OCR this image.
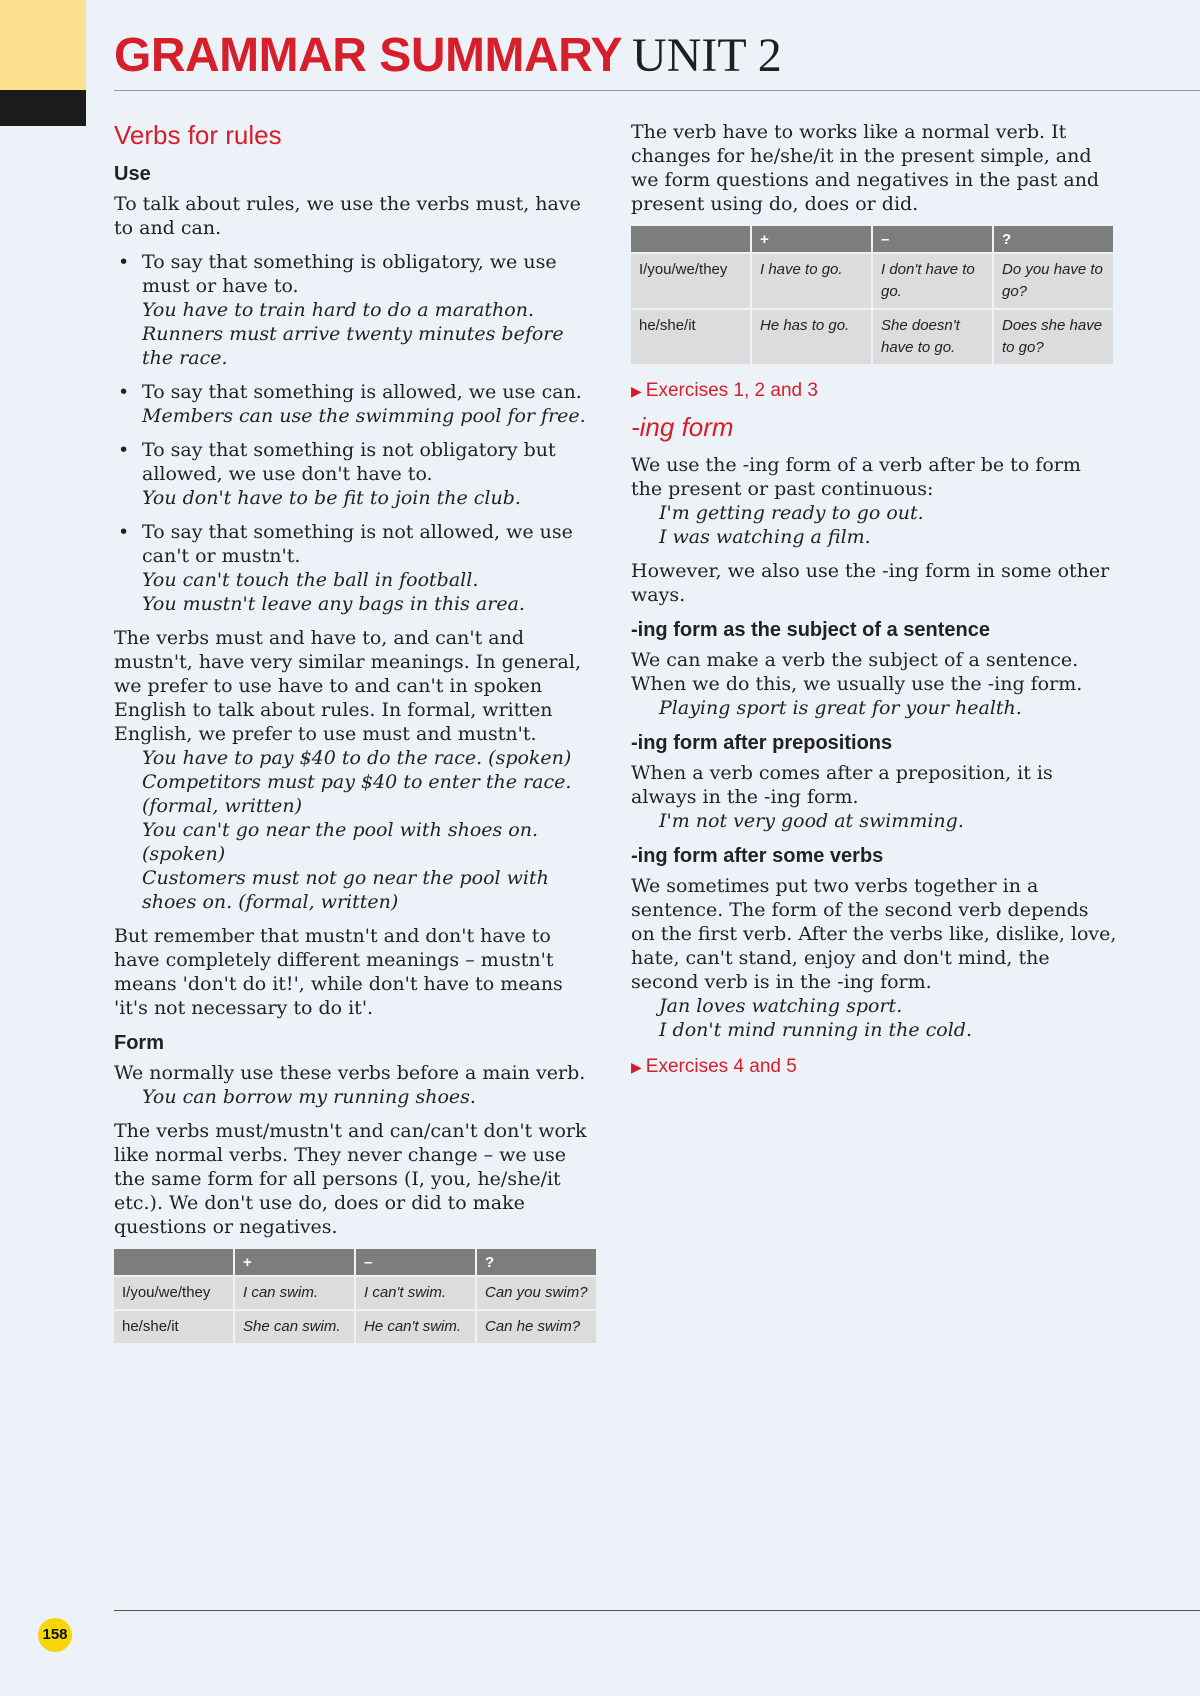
GRAMMAR SUMMARY UNIT 2
Verbs for rules
Use

To talk about rules, we use the verbs must, have to and can.

• To say that something is obligatory, we use must or have to.
You have to train hard to do a marathon.
Runners must arrive twenty minutes before the race.
• To say that something is allowed, we use can.
Members can use the swimming pool for free.
• To say that something is not obligatory but allowed, we use don't have to.
You don't have to be fit to join the club.
• To say that something is not allowed, we use can't or mustn't.
You can't touch the ball in football.
You mustn't leave any bags in this area.

The verbs must and have to, and can't and mustn't, have very similar meanings. In general, we prefer to use have to and can't in spoken English to talk about rules. In formal, written English, we prefer to use must and mustn't.

You have to pay $40 to do the race. (spoken)

Competitors must pay $40 to enter the race. (formal, written)

You can't go near the pool with shoes on. (spoken)

Customers must not go near the pool with shoes on. (formal, written)

But remember that mustn't and don't have to have completely different meanings – mustn't means 'don't do it!', while don't have to means 'it's not necessary to do it'.

Form

We normally use these verbs before a main verb.

You can borrow my running shoes.

The verbs must/mustn't and can/can't don't work like normal verbs. They never change – we use the same form for all persons (I, you, he/she/it etc.). We don't use do, does or did to make questions or negatives.

	+	–	?
I/you/we/they	I can swim.	I can't swim.	Can you swim?
he/she/it	She can swim.	He can't swim.	Can he swim?

The verb have to works like a normal verb. It changes for he/she/it in the present simple, and we form questions and negatives in the past and present using do, does or did.

	+	–	?
I/you/we/they	I have to go.	I don't have to go.	Do you have to go?
he/she/it	He has to go.	She doesn't have to go.	Does she have to go?
▶ Exercises 1, 2 and 3
-ing form

We use the -ing form of a verb after be to form the present or past continuous:

I'm getting ready to go out.

I was watching a film.

However, we also use the -ing form in some other ways.

-ing form as the subject of a sentence

We can make a verb the subject of a sentence. When we do this, we usually use the -ing form.

Playing sport is great for your health.

-ing form after prepositions

When a verb comes after a preposition, it is always in the -ing form.

I'm not very good at swimming.

-ing form after some verbs

We sometimes put two verbs together in a sentence. The form of the second verb depends on the first verb. After the verbs like, dislike, love, hate, can't stand, enjoy and don't mind, the second verb is in the -ing form.

Jan loves watching sport.

I don't mind running in the cold.

▶ Exercises 4 and 5
158
